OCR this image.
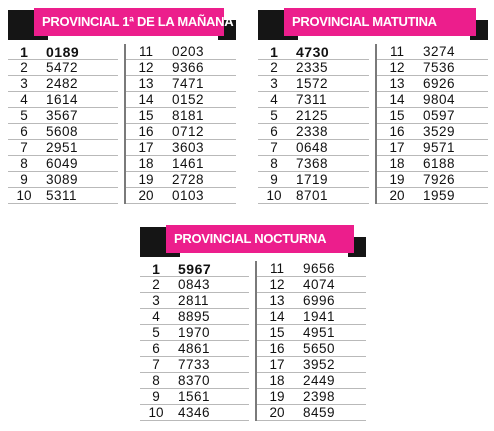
PROVINCIAL 1ª DE LA MAÑANA
1	0189
2	5472
3	2482
4	1614
5	3567
6	5608
7	2951
8	6049
9	3089
10	5311
11	0203
12	9366
13	7471
14	0152
15	8181
16	0712
17	3603
18	1461
19	2728
20	0103
PROVINCIAL MATUTINA
1	4730
2	2335
3	1572
4	7311
5	2125
6	2338
7	0648
8	7368
9	1719
10	8701
11	3274
12	7536
13	6926
14	9804
15	0597
16	3529
17	9571
18	6188
19	7926
20	1959
PROVINCIAL NOCTURNA
1	5967
2	0843
3	2811
4	8895
5	1970
6	4861
7	7733
8	8370
9	1561
10	4346
11	9656
12	4074
13	6996
14	1941
15	4951
16	5650
17	3952
18	2449
19	2398
20	8459
